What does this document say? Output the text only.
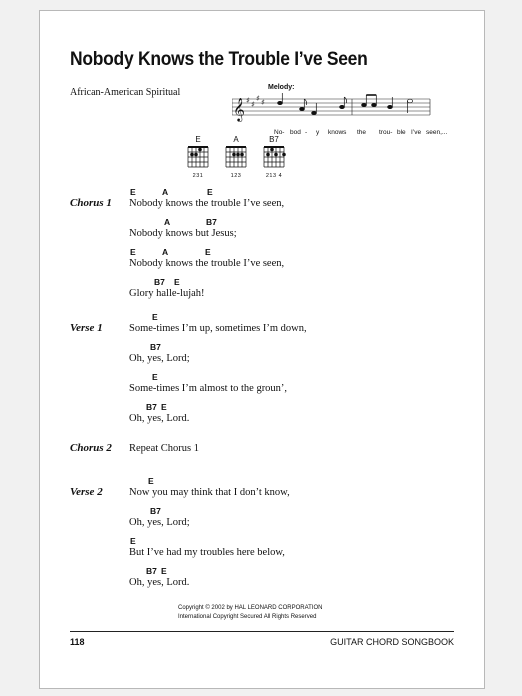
Nobody Knows the Trouble I’ve Seen
African-American Spiritual	Melody:
𝄞 ♯ ♯
♯ ♯
No- bod - y knows the trou- ble I’ve seen,...
E
231
A
123
B7
213 4
Chorus 1
E	A	E
Nobody knows the trouble I’ve seen,
A	B7
Nobody knows but Jesus;
E	A	E
Nobody knows the trouble I’ve seen,
B7 E
Glory halle-lujah!
Verse 1
E
Some-times I’m up, sometimes I’m down,
B7
Oh, yes, Lord;
E
Some-times I’m almost to the groun’,
B7 E
Oh, yes, Lord.
Chorus 2 Repeat Chorus 1
Verse 2
E
Now you may think that I don’t know,
B7
Oh, yes, Lord;
E
But I’ve had my troubles here below,
B7 E
Oh, yes, Lord.
Copyright © 2002 by HAL LEONARD CORPORATION
International Copyright Secured All Rights Reserved
118	GUITAR CHORD SONGBOOK
